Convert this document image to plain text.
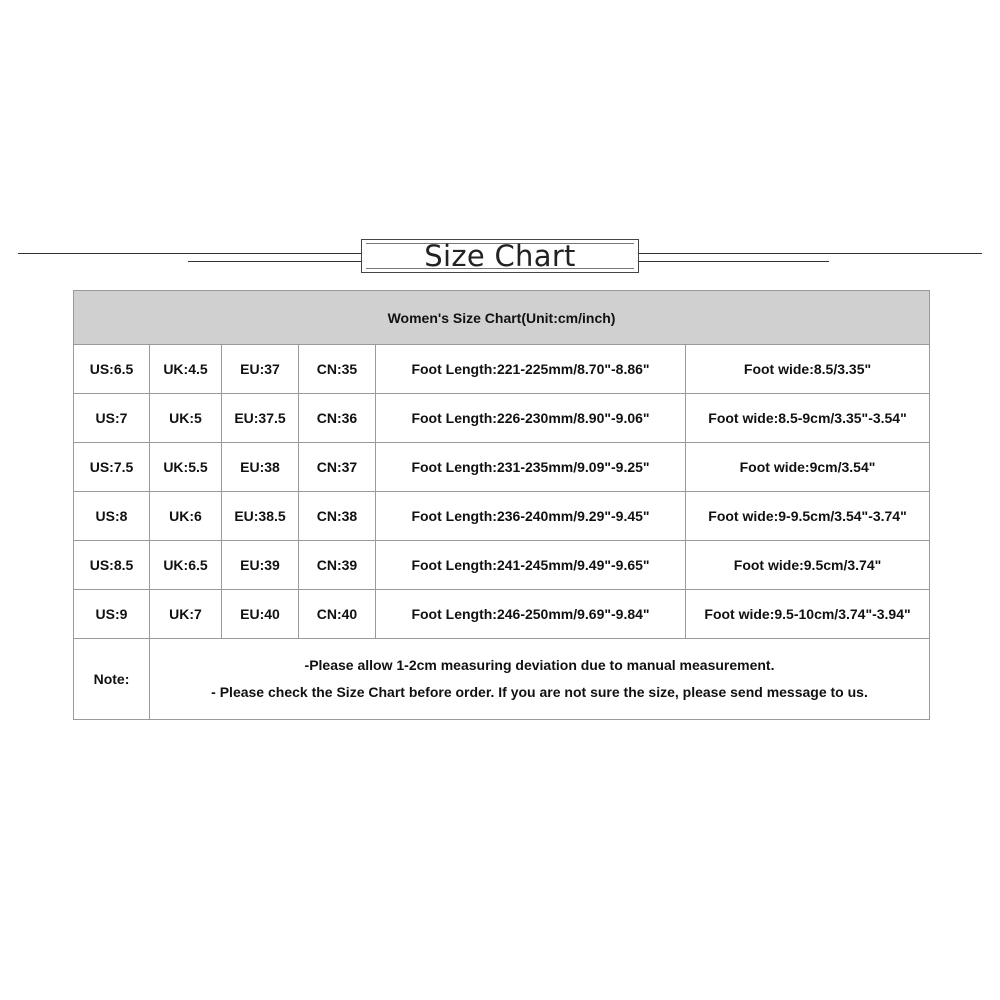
Size Chart
Women's Size Chart(Unit:cm/inch)					
US:6.5	UK:4.5	EU:37	CN:35	Foot Length:221-225mm/8.70"-8.86"	Foot wide:8.5/3.35"
US:7	UK:5	EU:37.5	CN:36	Foot Length:226-230mm/8.90"-9.06"	Foot wide:8.5-9cm/3.35"-3.54"
US:7.5	UK:5.5	EU:38	CN:37	Foot Length:231-235mm/9.09"-9.25"	Foot wide:9cm/3.54"
US:8	UK:6	EU:38.5	CN:38	Foot Length:236-240mm/9.29"-9.45"	Foot wide:9-9.5cm/3.54"-3.74"
US:8.5	UK:6.5	EU:39	CN:39	Foot Length:241-245mm/9.49"-9.65"	Foot wide:9.5cm/3.74"
US:9	UK:7	EU:40	CN:40	Foot Length:246-250mm/9.69"-9.84"	Foot wide:9.5-10cm/3.74"-3.94"
Note:	-Please allow 1-2cm measuring deviation due to manual measurement.
- Please check the Size Chart before order. If you are not sure the size, please send message to us.				
